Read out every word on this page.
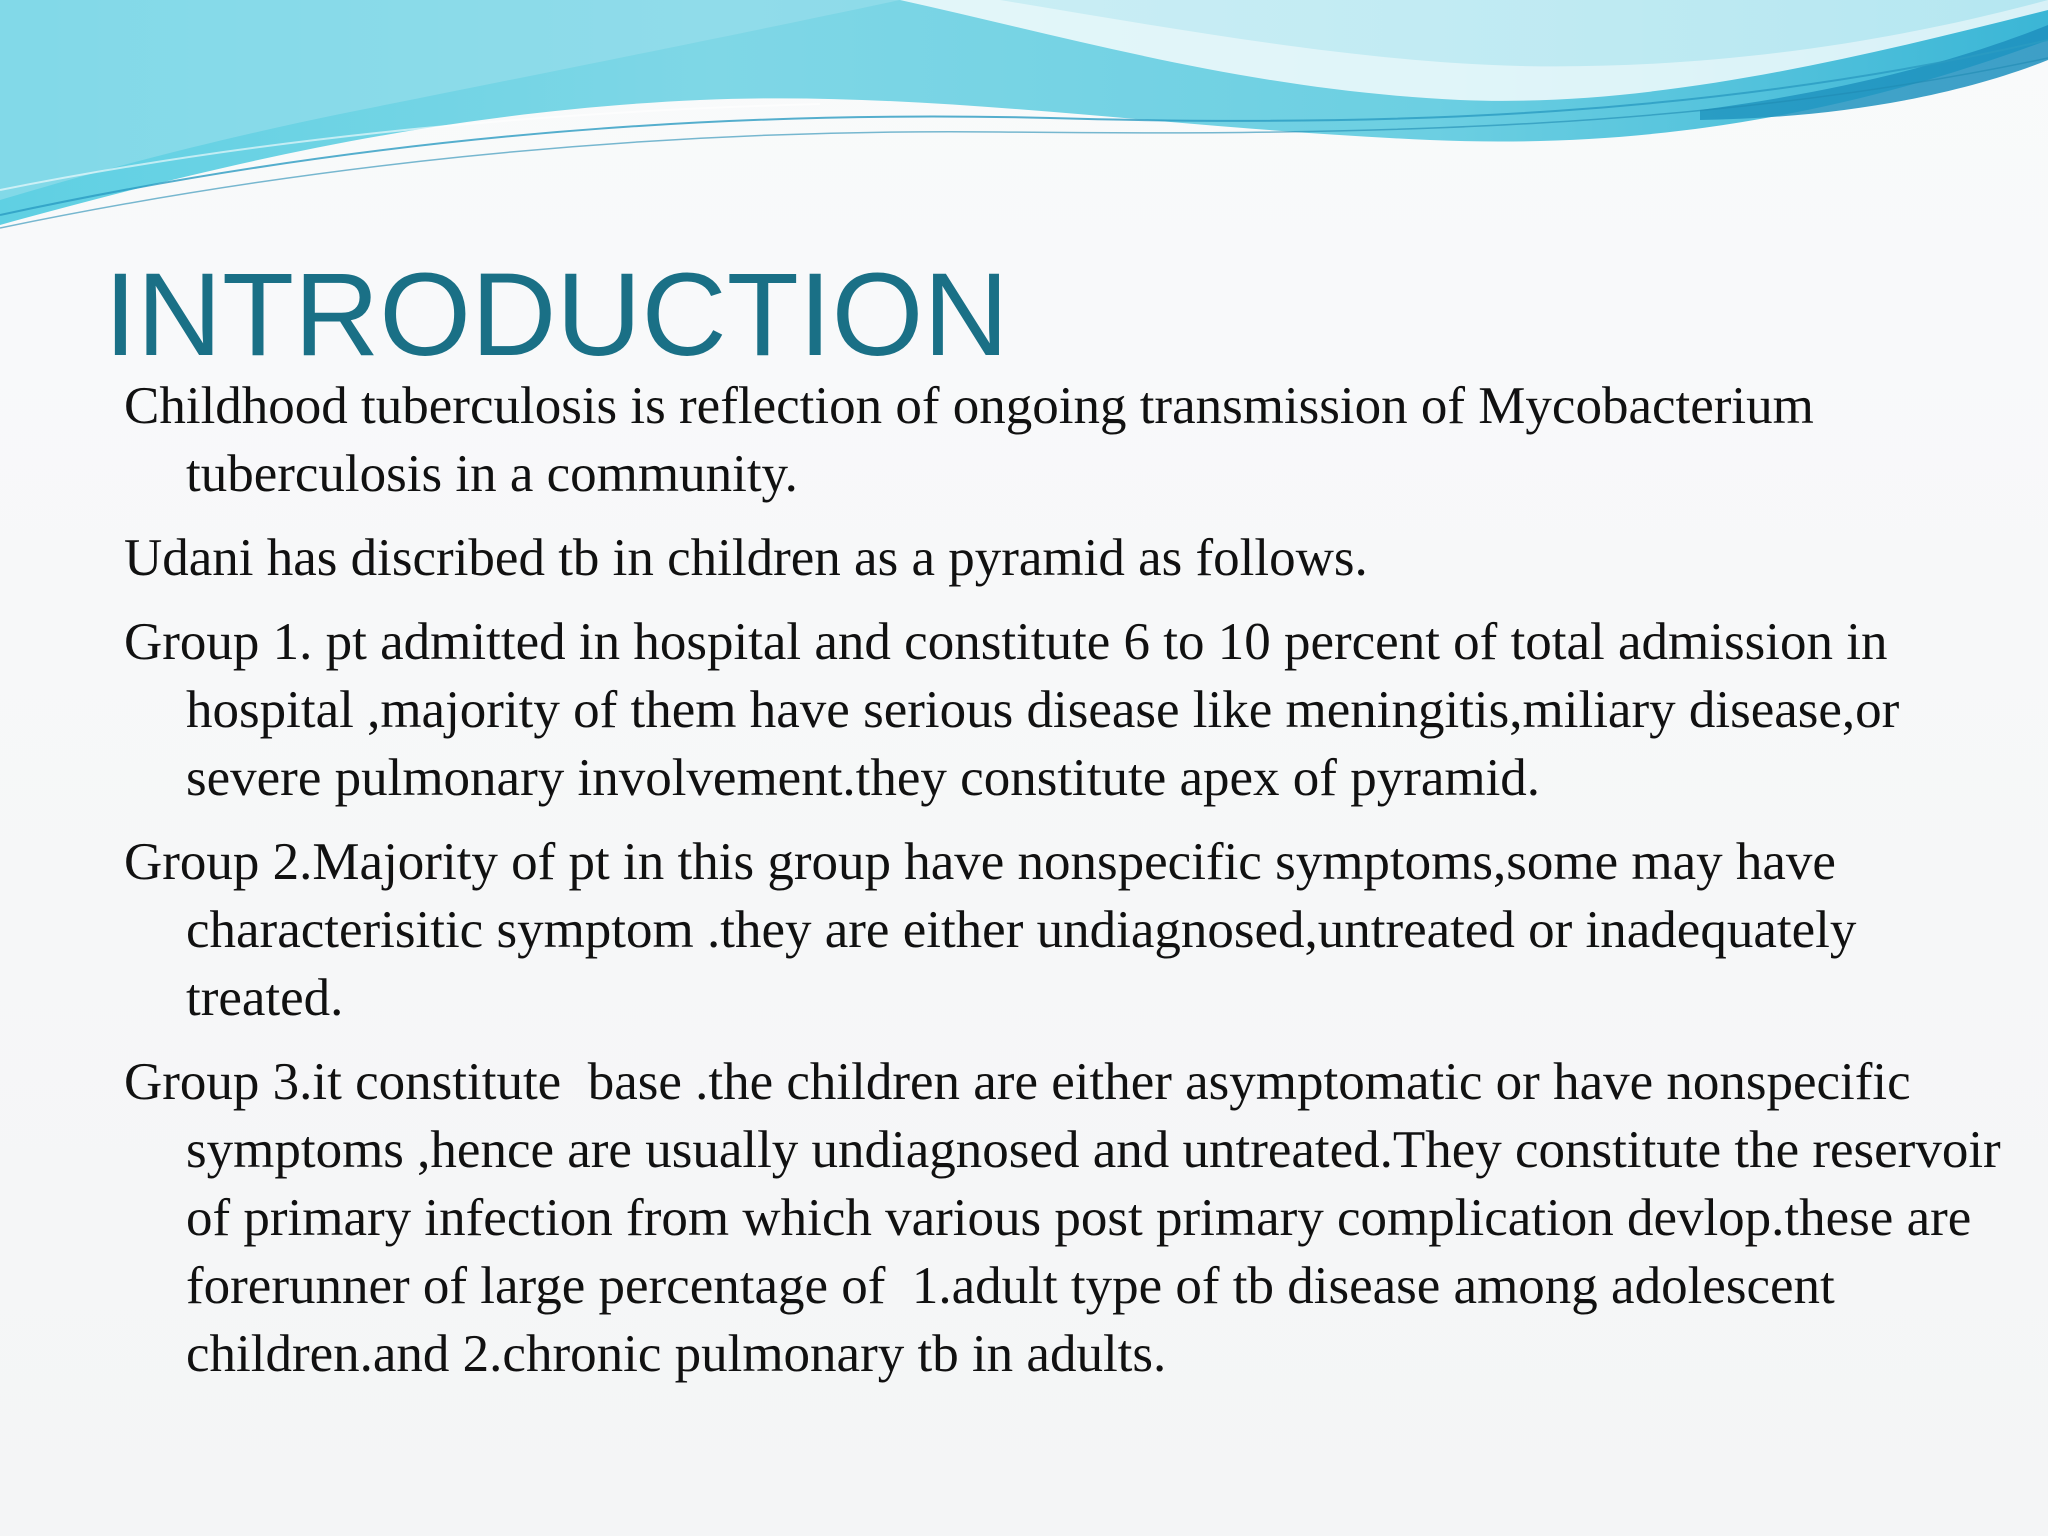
INTRODUCTION
Childhood tuberculosis is reflection of ongoing transmission of Mycobacterium tuberculosis in a community.
Udani has discribed tb in children as a pyramid as follows.
Group 1. pt admitted in hospital and constitute 6 to 10 percent of total admission in hospital ,majority of them have serious disease like meningitis,miliary disease,or severe pulmonary involvement.they constitute apex of pyramid.
Group 2.Majority of pt in this group have nonspecific symptoms,some may have characterisitic symptom .they are either undiagnosed,untreated or inadequately treated.
Group 3.it constitute  base .the children are either asymptomatic or have nonspecific symptoms ,hence are usually undiagnosed and untreated.They constitute the reservoir of primary infection from which various post primary complication devlop.these are forerunner of large percentage of  1.adult type of tb disease among adolescent children.and 2.chronic pulmonary tb in adults.
